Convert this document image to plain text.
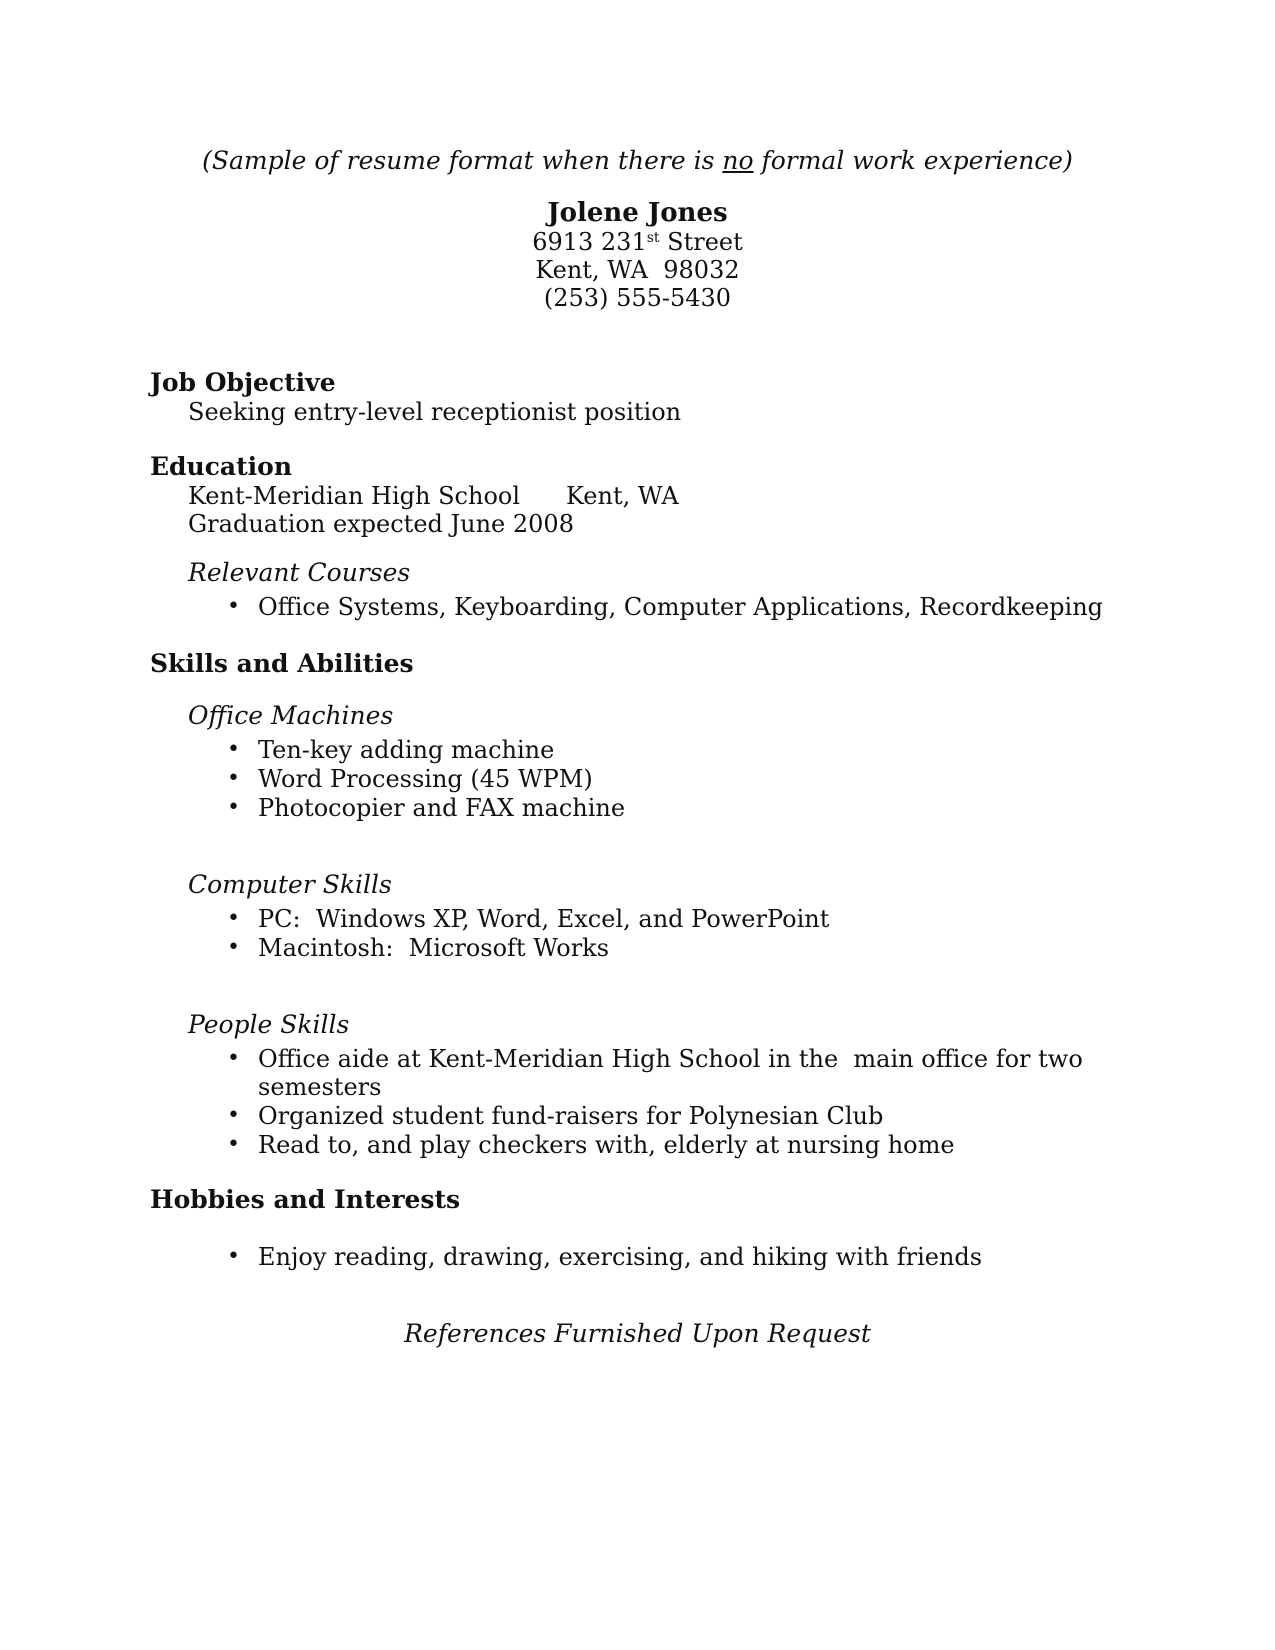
(Sample of resume format when there is no formal work experience)

Jolene Jones
6913 231st Street
Kent, WA  98032
(253) 555-5430
Job Objective

Seeking entry-level receptionist position

Education

Kent-Meridian High School Kent, WA

Graduation expected June 2008

Relevant Courses

• Office Systems, Keyboarding, Computer Applications, Recordkeeping
Skills and Abilities

Office Machines

• Ten-key adding machine
• Word Processing (45 WPM)
• Photocopier and FAX machine

Computer Skills

• PC:  Windows XP, Word, Excel, and PowerPoint
• Macintosh:  Microsoft Works

People Skills

• Office aide at Kent-Meridian High School in the  main office for two semesters
• Organized student fund-raisers for Polynesian Club
• Read to, and play checkers with, elderly at nursing home
Hobbies and Interests
• Enjoy reading, drawing, exercising, and hiking with friends

References Furnished Upon Request
